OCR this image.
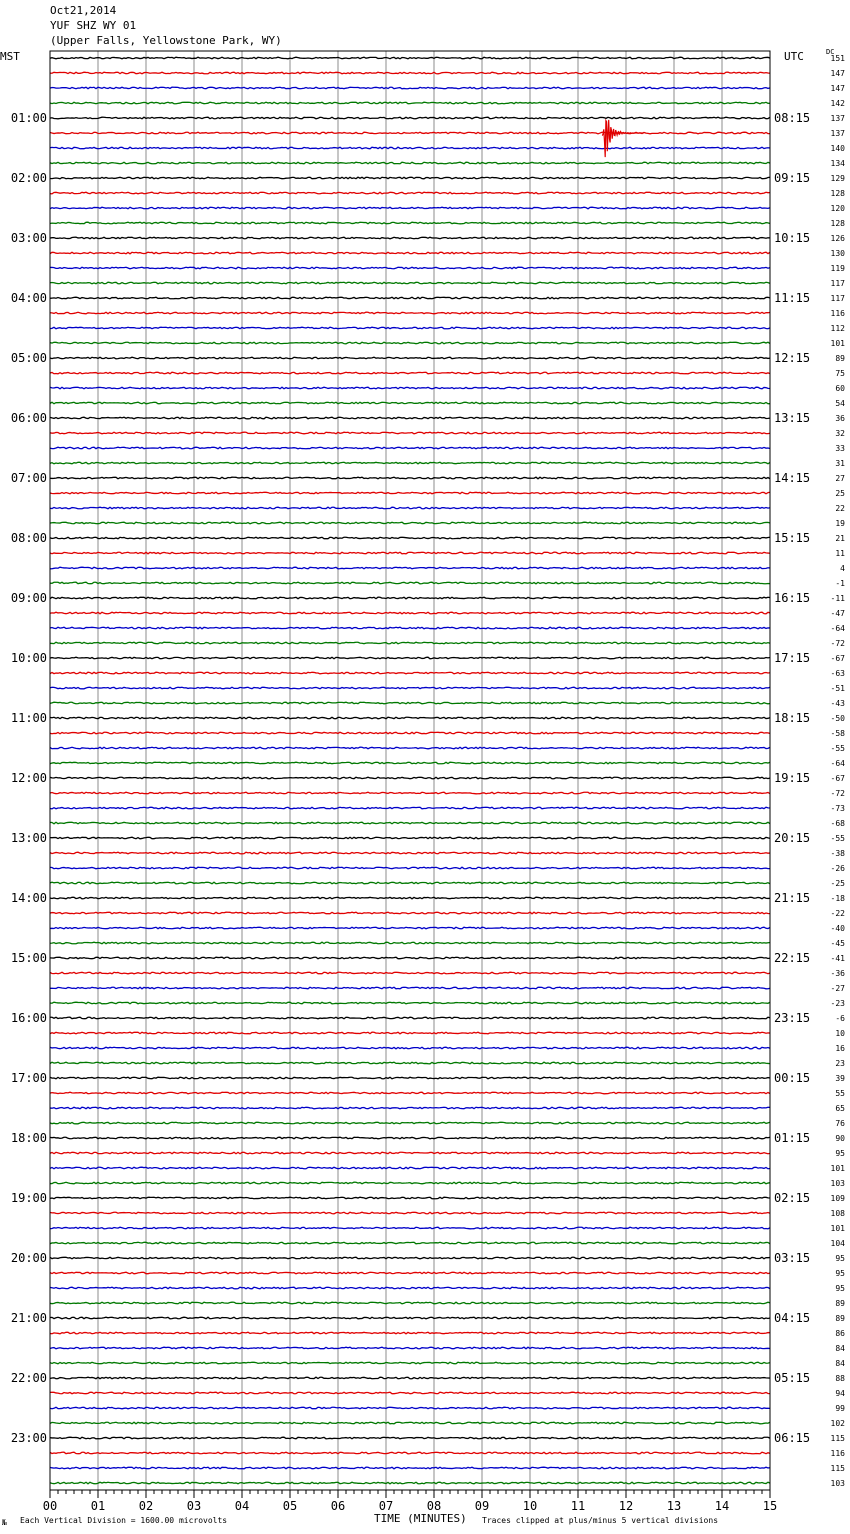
00	01	02	03	04	05	06	07	08	09	10	11	12	13	14	15
151
147
147
142
137
137
140
134
129
128
120
128
126
130
119
117
117
116
112
101
89
75
60
54
36
32
33
31
27
25
22
19
21
11
4
-1
-11
-47
-64
-72
-67
-63
-51
-43
-50
-58
-55
-64
-67
-72
-73
-68
-55
-38
-26
-25
-18
-22
-40
-45
-41
-36
-27
-23
-6
10
16
23
39
55
65
76
90
95
101
103
109
108
101
104
95
95
95
89
89
86
84
84
88
94
99
102
115
116
115
103
01:00
02:00
03:00
04:00
05:00
06:00
07:00
08:00
09:00
10:00
11:00
12:00
13:00
14:00
15:00
16:00
17:00
18:00
19:00
20:00
21:00
22:00
23:00
08:15
09:15
10:15
11:15
12:15
13:15
14:15
15:15
16:15
17:15
18:15
19:15
20:15
21:15
22:15
23:15
00:15
01:15
02:15
03:15
04:15
05:15
06:15
Oct21,2014
YUF SHZ WY 01
(Upper Falls, Yellowstone Park, WY)
MST	UTC	DC
№ Each Vertical Division = 1600.00 microvolts	TIME (MINUTES) Traces clipped at plus/minus 5 vertical divisions
